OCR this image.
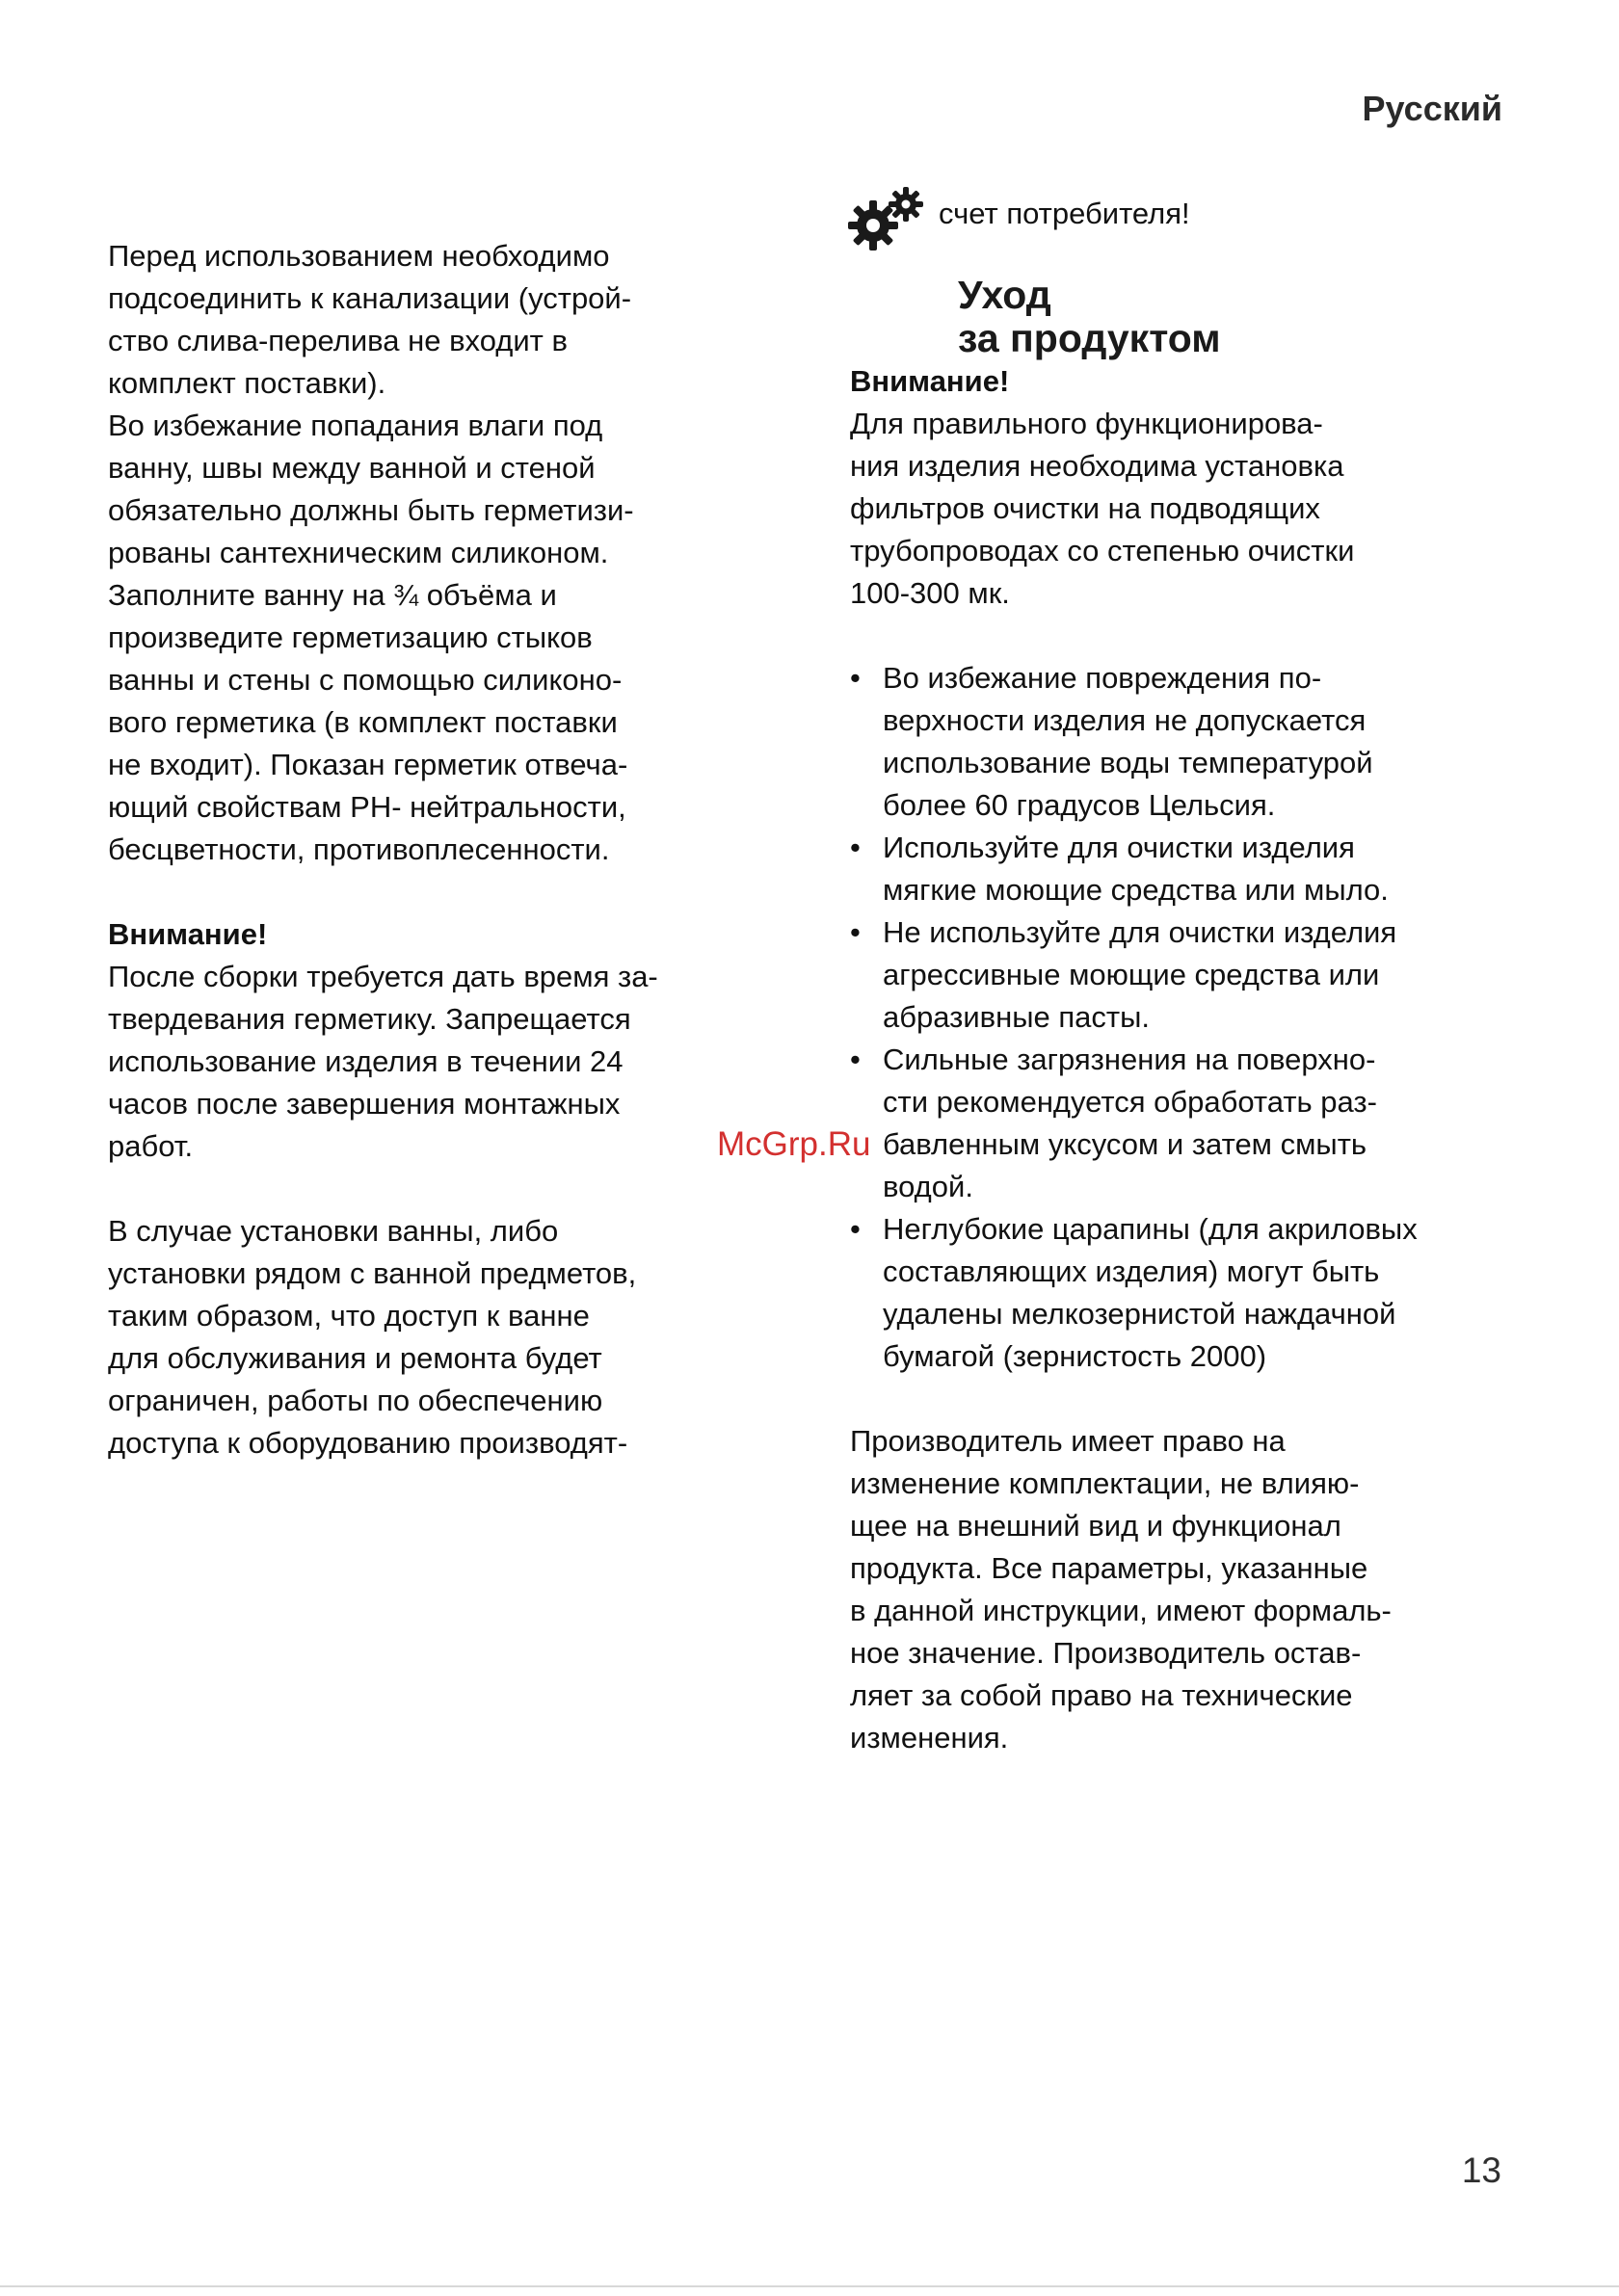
Русский

Перед использованием необходимо

подсоединить к канализации (устрой-

ство слива-перелива не входит в

комплект поставки).

Во избежание попадания влаги под

ванну, швы между ванной и стеной

обязательно должны быть герметизи-

рованы сантехническим силиконом.

Заполните ванну на ¾ объёма и

произведите герметизацию стыков

ванны и стены с помощью силиконо-

вого герметика (в комплект поставки

не входит). Показан герметик отвеча-

ющий свойствам РН- нейтральности,

бесцветности, противоплесенности.

Внимание!

После сборки требуется дать время за-

твердевания герметику. Запрещается

использование изделия в течении 24

часов после завершения монтажных

работ.

В случае установки ванны, либо

установки рядом с ванной предметов,

таким образом, что доступ к ванне

для обслуживания и ремонта будет

ограничен, работы по обеспечению

доступа к оборудованию производят-

счет потребителя!
Уход
за продуктом

Внимание!

Для правильного функционирова-

ния изделия необходима установка

фильтров очистки на подводящих

трубопроводах со степенью очистки

100-300 мк.

• Во избежание повреждения по-

верхности изделия не допускается

использование воды температурой

более 60 градусов Цельсия.

• Используйте для очистки изделия

мягкие моющие средства или мыло.

• Не используйте для очистки изделия

агрессивные моющие средства или

абразивные пасты.

• Сильные загрязнения на поверхно-

сти рекомендуется обработать раз-

бавленным уксусом и затем смыть

водой.

• Неглубокие царапины (для акриловых

составляющих изделия) могут быть

удалены мелкозернистой наждачной

бумагой (зернистость 2000)

Производитель имеет право на

изменение комплектации, не влияю-

щее на внешний вид и функционал

продукта. Все параметры, указанные

в данной инструкции, имеют формаль-

ное значение. Производитель остав-

ляет за собой право на технические

изменения.

McGrp.Ru
13
